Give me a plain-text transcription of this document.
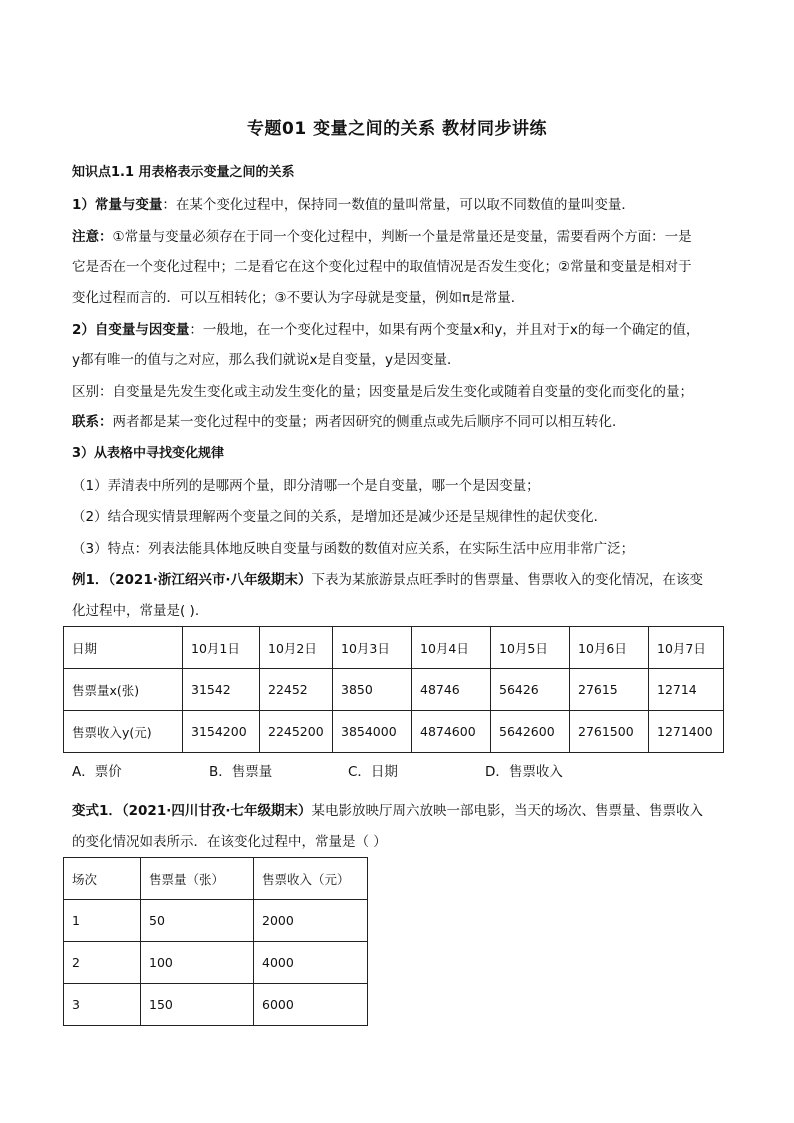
专题01 变量之间的关系 教材同步讲练
知识点1.1 用表格表示变量之间的关系
1）常量与变量：在某个变化过程中，保持同一数值的量叫常量，可以取不同数值的量叫变量．
注意：①常量与变量必须存在于同一个变化过程中，判断一个量是常量还是变量，需要看两个方面：一是
它是否在一个变化过程中；二是看它在这个变化过程中的取值情况是否发生变化；②常量和变量是相对于
变化过程而言的．可以互相转化；③不要认为字母就是变量，例如π是常量．
2）自变量与因变量：一般地，在一个变化过程中，如果有两个变量x和y，并且对于x的每一个确定的值，
y都有唯一的值与之对应，那么我们就说x是自变量，y是因变量．
区别：自变量是先发生变化或主动发生变化的量；因变量是后发生变化或随着自变量的变化而变化的量；
联系：两者都是某一变化过程中的变量；两者因研究的侧重点或先后顺序不同可以相互转化．
3）从表格中寻找变化规律
（1）弄清表中所列的是哪两个量，即分清哪一个是自变量，哪一个是因变量；
（2）结合现实情景理解两个变量之间的关系，是增加还是减少还是呈规律性的起伏变化．
（3）特点：列表法能具体地反映自变量与函数的数值对应关系，在实际生活中应用非常广泛；
例1．（2021·浙江绍兴市·八年级期末）下表为某旅游景点旺季时的售票量、售票收入的变化情况，在该变
化过程中，常量是( ).
日期	10月1日	10月2日	10月3日	10月4日	10月5日	10月6日	10月7日
售票量x(张)	31542	22452	3850	48746	56426	27615	12714
售票收入y(元)	3154200	2245200	3854000	4874600	5642600	2761500	1271400
A．票价	B．售票量	C．日期	D．售票收入
变式1．（2021·四川甘孜·七年级期末）某电影放映厅周六放映一部电影，当天的场次、售票量、售票收入
的变化情况如表所示．在该变化过程中，常量是（ ）
场次	售票量（张）	售票收入（元）
1	50	2000
2	100	4000
3	150	6000
